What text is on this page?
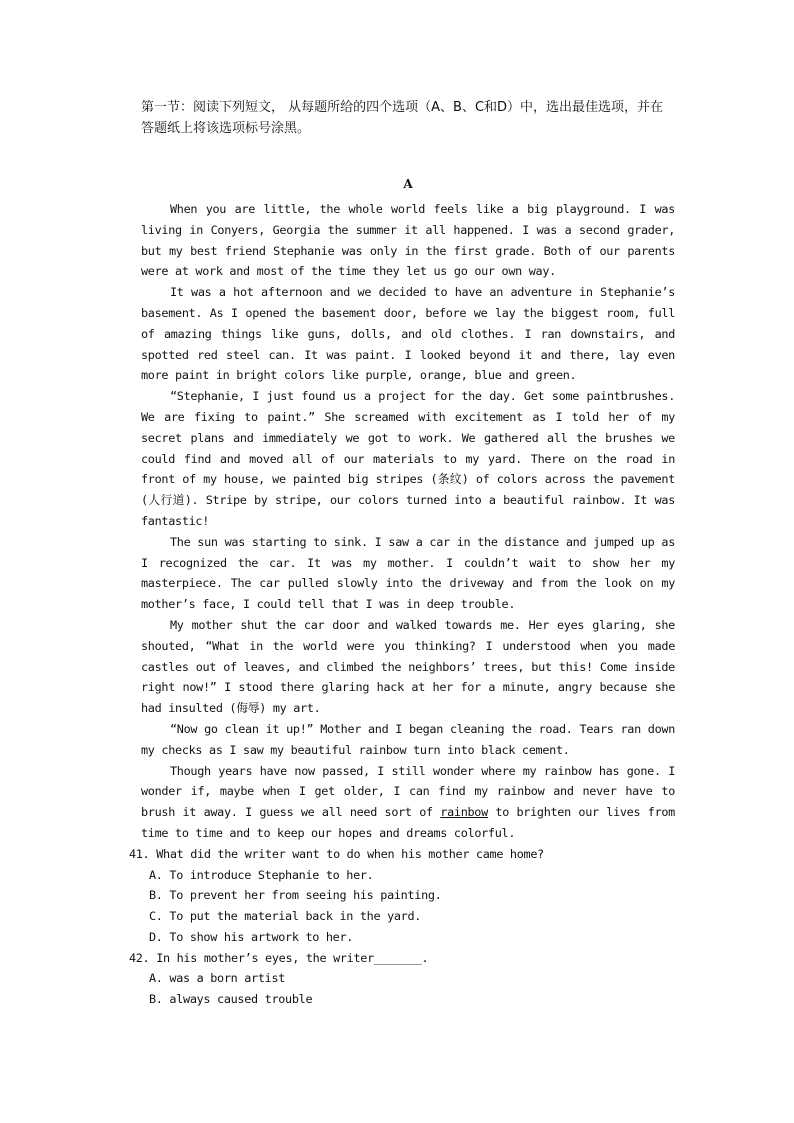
第一节：阅读下列短文， 从每题所给的四个选项（A、B、C和D）中，选出最佳选项，并在答题纸上将该选项标号涂黑。

A

When you are little, the whole world feels like a big playground. I was living in Conyers, Georgia the summer it all happened. I was a second grader, but my best friend Stephanie was only in the first grade. Both of our parents were at work and most of the time they let us go our own way.

It was a hot afternoon and we decided to have an adventure in Stephanie’s basement. As I opened the basement door, before we lay the biggest room, full of amazing things like guns, dolls, and old clothes. I ran downstairs, and spotted red steel can. It was paint. I looked beyond it and there, lay even more paint in bright colors like purple, orange, blue and green.

“Stephanie, I just found us a project for the day. Get some paintbrushes. We are fixing to paint.” She screamed with excitement as I told her of my secret plans and immediately we got to work. We gathered all the brushes we could find and moved all of our materials to my yard. There on the road in front of my house, we painted big stripes (条纹) of colors across the pavement (人行道). Stripe by stripe, our colors turned into a beautiful rainbow. It was fantastic!

The sun was starting to sink. I saw a car in the distance and jumped up as I recognized the car. It was my mother. I couldn’t wait to show her my masterpiece. The car pulled slowly into the driveway and from the look on my mother’s face, I could tell that I was in deep trouble.

My mother shut the car door and walked towards me. Her eyes glaring, she shouted, “What in the world were you thinking? I understood when you made castles out of leaves, and climbed the neighbors’ trees, but this! Come inside right now!” I stood there glaring hack at her for a minute, angry because she had insulted (侮辱) my art.

“Now go clean it up!” Mother and I began cleaning the road. Tears ran down my checks as I saw my beautiful rainbow turn into black cement.

Though years have now passed, I still wonder where my rainbow has gone. I wonder if, maybe when I get older, I can find my rainbow and never have to brush it away. I guess we all need sort of rainbow to brighten our lives from time to time and to keep our hopes and dreams colorful.

41. What did the writer want to do when his mother came home?

A. To introduce Stephanie to her.

B. To prevent her from seeing his painting.

C. To put the material back in the yard.

D. To show his artwork to her.

42. In his mother’s eyes, the writer_______.

A. was a born artist

B. always caused trouble
